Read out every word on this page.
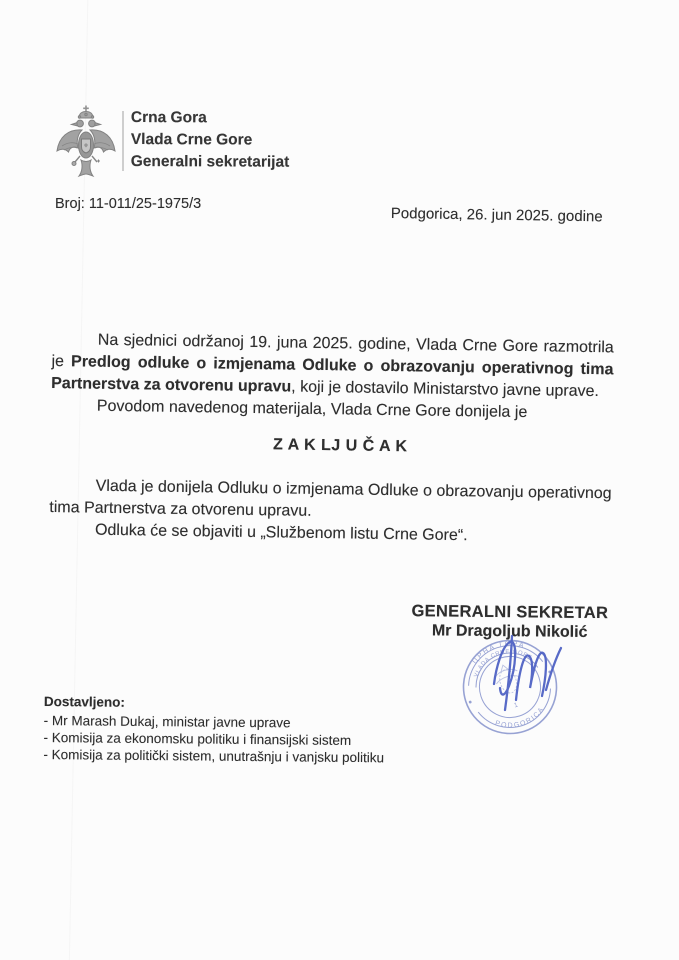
Crna Gora
Vlada Crne Gore
Generalni sekretarijat
Broj: 11-011/25-1975/3
Podgorica, 26. jun 2025. godine

Na sjednici održanoj 19. juna 2025. godine, Vlada Crne Gore razmotrila je Predlog odluke o izmjenama Odluke o obrazovanju operativnog tima Partnerstva za otvorenu upravu, koji je dostavilo Ministarstvo javne uprave.

Povodom navedenog materijala, Vlada Crne Gore donijela je

Z A K LJ U Č A K

Vlada je donijela Odluku o izmjenama Odluke o obrazovanju operativnog tima Partnerstva za otvorenu upravu.

Odluka će se objaviti u „Službenom listu Crne Gore“.

GENERALNI SEKRETAR
Mr Dragoljub Nikolić
ЦРНА ГОРА
VLADA CRNE GORE
PODGORICA
1
Dostavljeno:
- Mr Marash Dukaj, ministar javne uprave
- Komisija za ekonomsku politiku i finansijski sistem
- Komisija za politički sistem, unutrašnju i vanjsku politiku
